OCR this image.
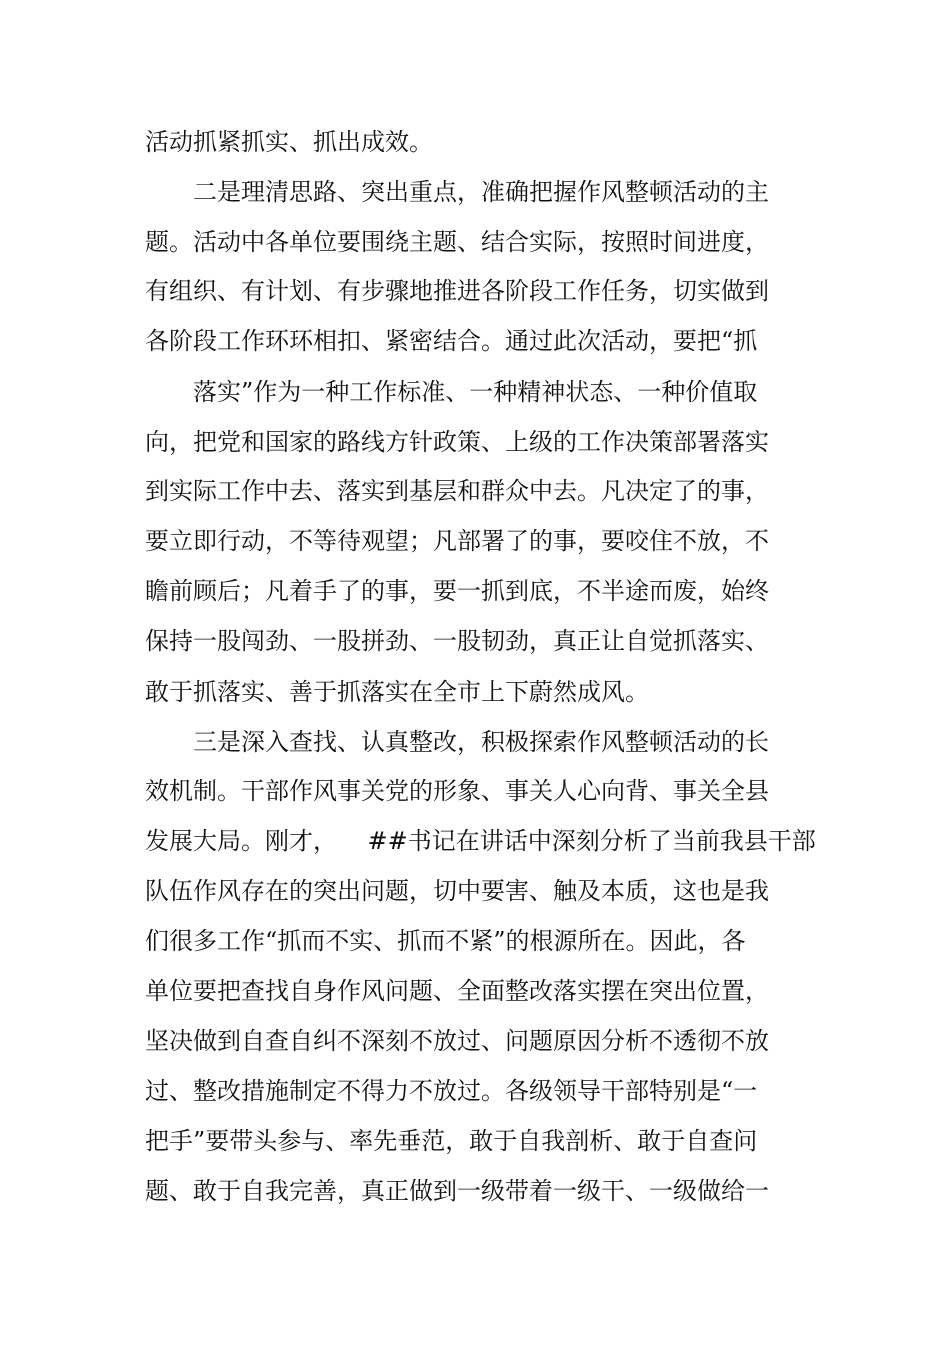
活动抓紧抓实、抓出成效。

二是理清思路、突出重点，准确把握作风整顿活动的主

题。活动中各单位要围绕主题、结合实际，按照时间进度，

有组织、有计划、有步骤地推进各阶段工作任务，切实做到

各阶段工作环环相扣、紧密结合。通过此次活动，要把“抓

落实”作为一种工作标准、一种精神状态、一种价值取

向，把党和国家的路线方针政策、上级的工作决策部署落实

到实际工作中去、落实到基层和群众中去。凡决定了的事，

要立即行动，不等待观望；凡部署了的事，要咬住不放，不

瞻前顾后；凡着手了的事，要一抓到底，不半途而废，始终

保持一股闯劲、一股拼劲、一股韧劲，真正让自觉抓落实、

敢于抓落实、善于抓落实在全市上下蔚然成风。

三是深入查找、认真整改，积极探索作风整顿活动的长

效机制。干部作风事关党的形象、事关人心向背、事关全县

发展大局。刚才，    ##书记在讲话中深刻分析了当前我县干部

队伍作风存在的突出问题，切中要害、触及本质，这也是我

们很多工作“抓而不实、抓而不紧”的根源所在。因此，各

单位要把查找自身作风问题、全面整改落实摆在突出位置，

坚决做到自查自纠不深刻不放过、问题原因分析不透彻不放

过、整改措施制定不得力不放过。各级领导干部特别是“一

把手”要带头参与、率先垂范，敢于自我剖析、敢于自查问

题、敢于自我完善，真正做到一级带着一级干、一级做给一
